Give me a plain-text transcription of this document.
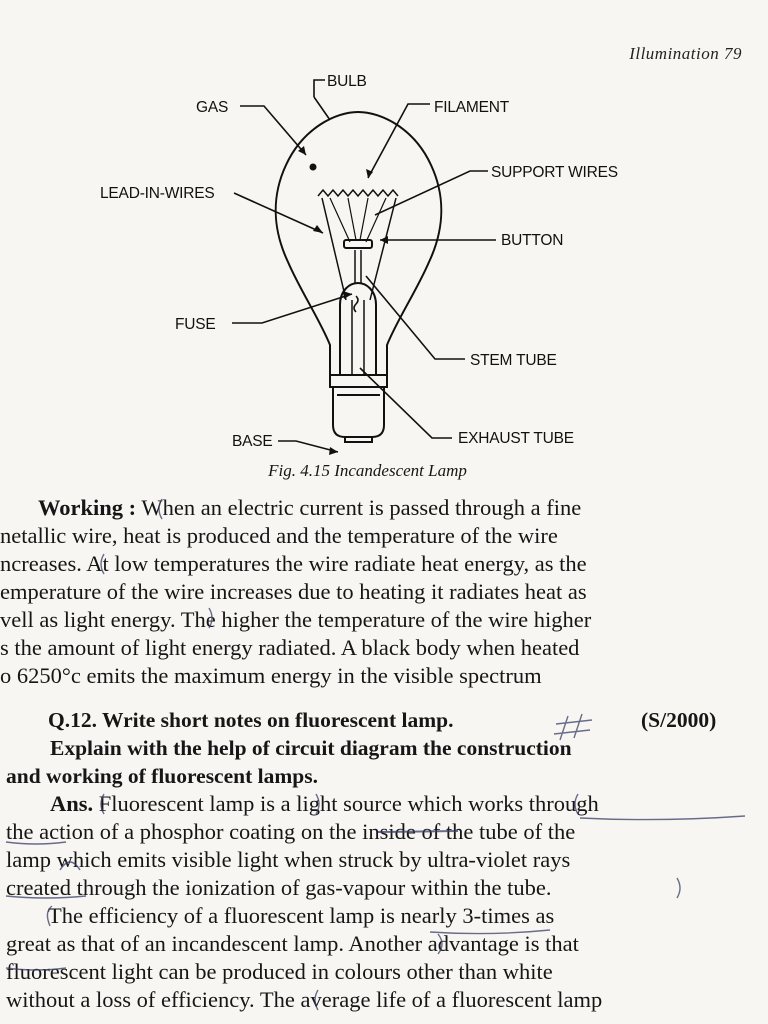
Illumination 79
GAS
BULB
FILAMENT
SUPPORT WIRES
LEAD-IN-WIRES
BUTTON
FUSE
STEM TUBE
BASE	EXHAUST TUBE
Fig. 4.15 Incandescent Lamp
Working : When an electric current is passed through a fine
netallic wire, heat is produced and the temperature of the wire
ncreases. At low temperatures the wire radiate heat energy, as the
emperature of the wire increases due to heating it radiates heat as
vell as light energy. The higher the temperature of the wire higher
s the amount of light energy radiated. A black body when heated
o 6250°c emits the maximum energy in the visible spectrum
Q.12. Write short notes on fluorescent lamp.	(S/2000)
Explain with the help of circuit diagram the construction
and working of fluorescent lamps.
Ans. Fluorescent lamp is a light source which works through
the action of a phosphor coating on the inside of the tube of the
lamp which emits visible light when struck by ultra-violet rays
created through the ionization of gas-vapour within the tube.
The efficiency of a fluorescent lamp is nearly 3-times as
great as that of an incandescent lamp. Another advantage is that
fluorescent light can be produced in colours other than white
without a loss of efficiency. The average life of a fluorescent lamp
